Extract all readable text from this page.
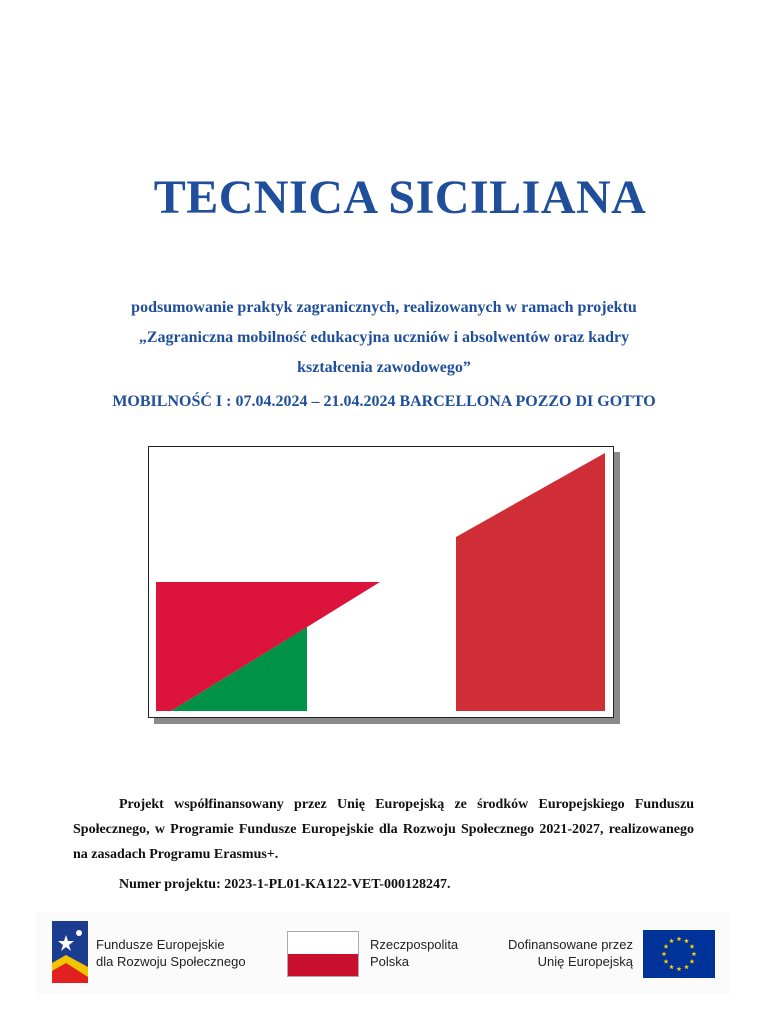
TECNICA SICILIANA
podsumowanie praktyk zagranicznych, realizowanych w ramach projektu
„Zagraniczna mobilność edukacyjna uczniów i absolwentów oraz kadry
kształcenia zawodowego”
MOBILNOŚĆ I : 07.04.2024 – 21.04.2024 BARCELLONA POZZO DI GOTTO

Projekt współfinansowany przez Unię Europejską ze środków Europejskiego Funduszu Społecznego, w Programie Fundusze Europejskie dla Rozwoju Społecznego 2021-2027, realizowanego na zasadach Programu Erasmus+.

Numer projektu: 2023-1-PL01-KA122-VET-000128247.
Fundusze Europejskie
dla Rozwoju Społecznego
Rzeczpospolita
Polska
Dofinansowane przez
Unię Europejską
